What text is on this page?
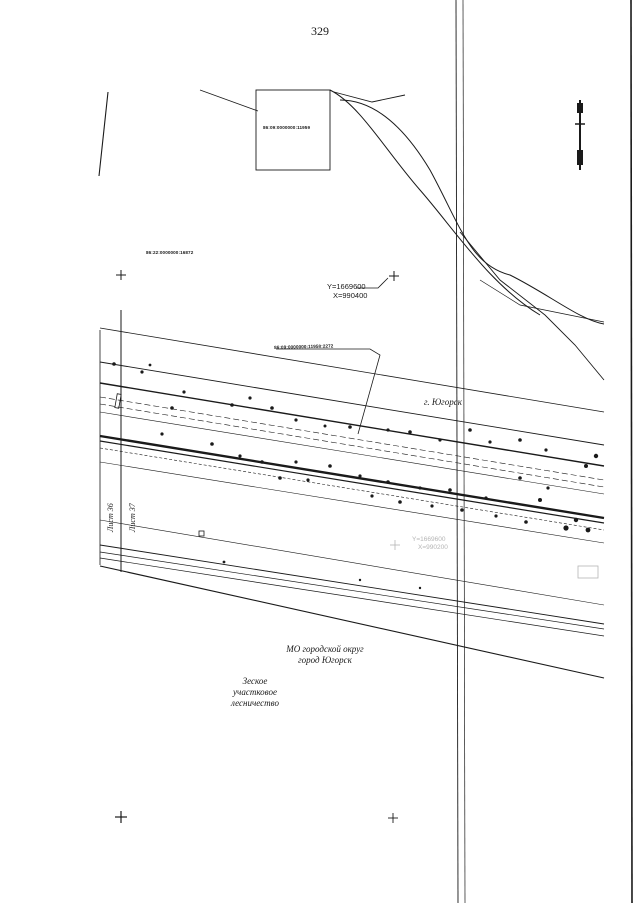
329
86:09:0000000:11959
86:22:0000000:16872
86:09:0000000:11958:2272
Y=1669600
X=990400
Y=1669600
X=990200
г. Югорск
МО городской округ
город Югорск
Зеское
участковое
лесничество
Лист 36 Лист 37
